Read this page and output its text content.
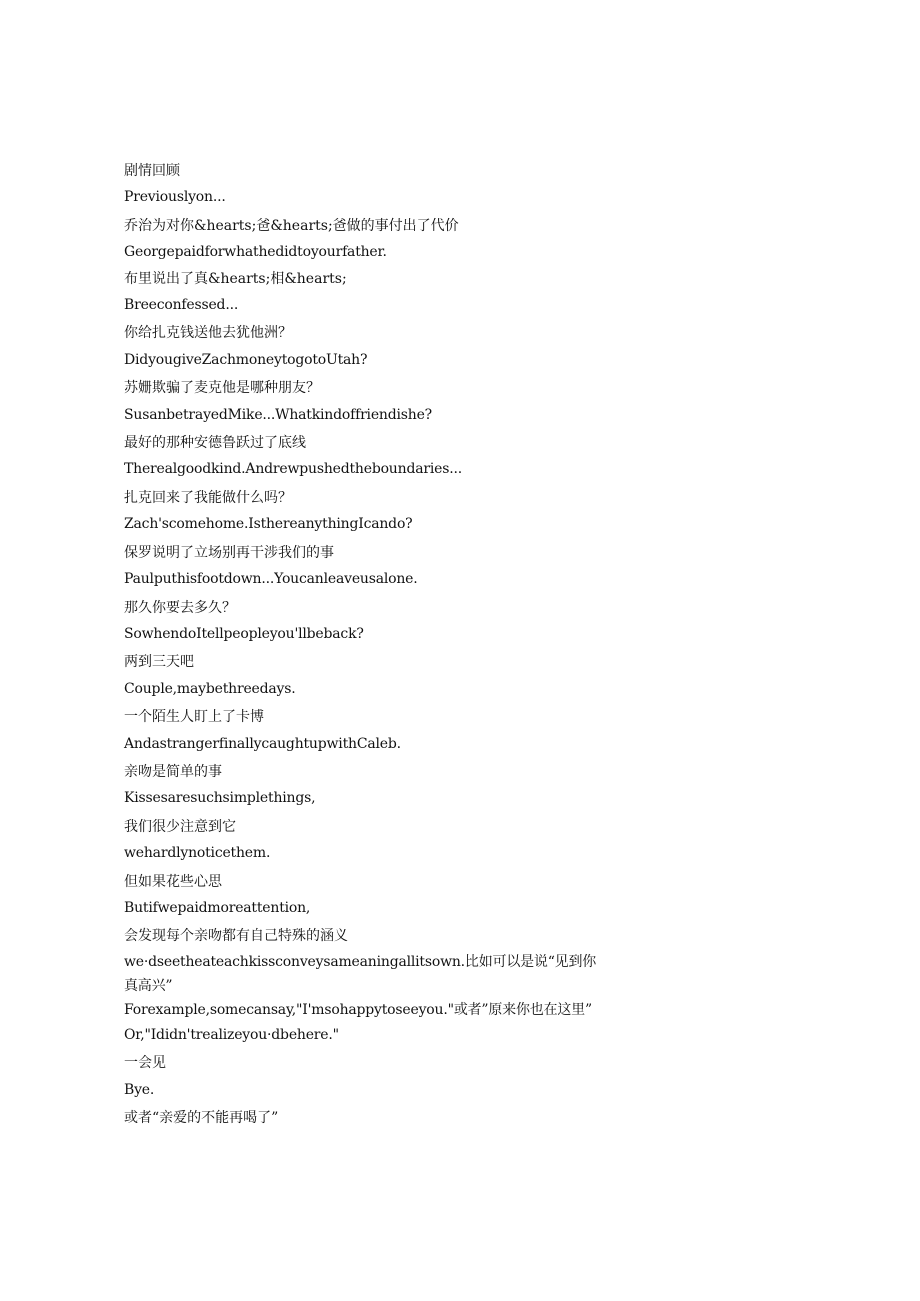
剧情回顾

Previouslyon...

乔治为对你&hearts;爸&hearts;爸做的事付出了代价

Georgepaidforwhathedidtoyourfather.

布里说出了真&hearts;相&hearts;

Breeconfessed...

你给扎克钱送他去犹他洲？

DidyougiveZachmoneytogotoUtah?

苏姗欺骗了麦克他是哪种朋友？

SusanbetrayedMike...Whatkindoffriendishe?

最好的那种安德鲁跃过了底线

Therealgoodkind.Andrewpushedtheboundaries...

扎克回来了我能做什么吗？

Zach'scomehome.IsthereanythingIcando?

保罗说明了立场别再干涉我们的事

Paulputhisfootdown...Youcanleaveusalone.

那久你要去多久？

SowhendoItellpeopleyou'llbeback?

两到三天吧

Couple,maybethreedays.

一个陌生人盯上了卡博

AndastrangerfinallycaughtupwithCaleb.

亲吻是简单的事

Kissesaresuchsimplethings,

我们很少注意到它

wehardlynoticethem.

但如果花些心思

Butifwepaidmoreattention,

会发现每个亲吻都有自己特殊的涵义

we·dseetheateachkissconveysameaningallitsown.比如可以是说“见到你真高兴”

Forexample,somecansay,"I'msohappytoseeyou."或者”原来你也在这里”

Or,"Ididn'trealizeyou·dbehere."

一会见

Bye.

或者“亲爱的不能再喝了”
